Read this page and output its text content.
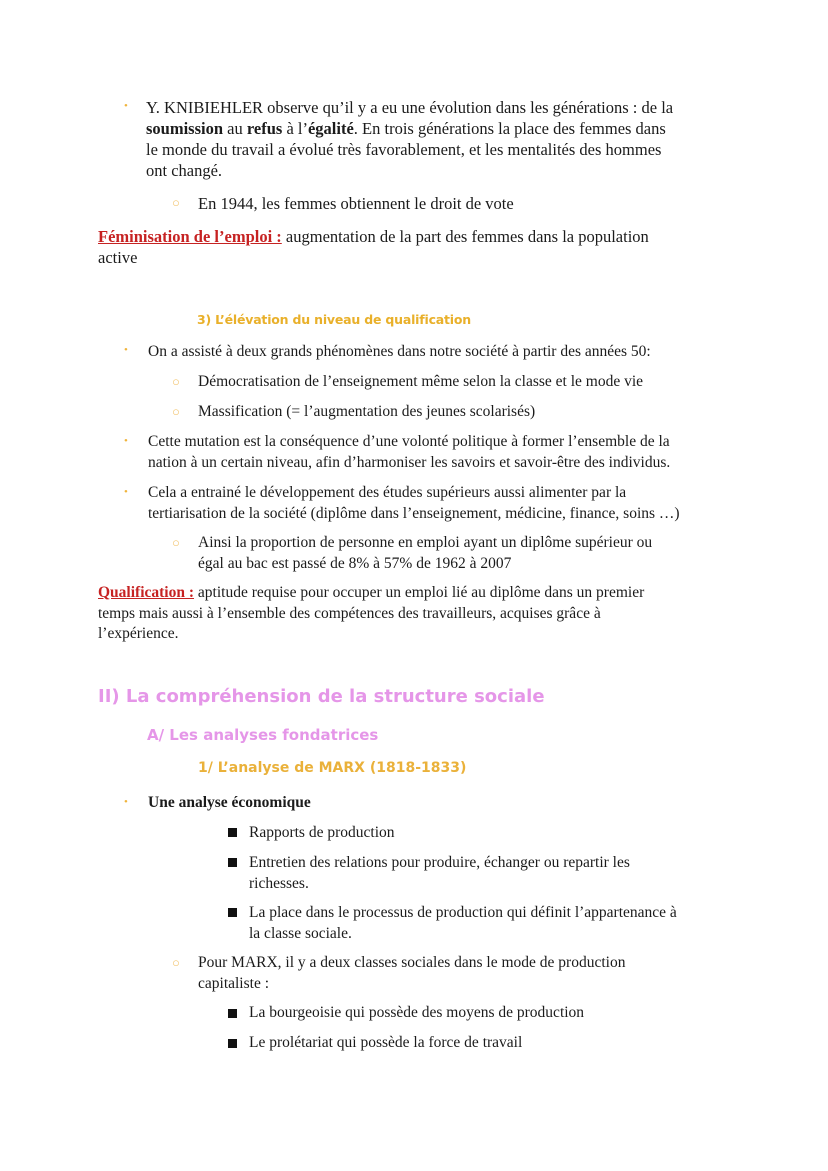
• Y. KNIBIEHLER observe qu’il y a eu une évolution dans les générations : de la
soumission au refus à l’égalité. En trois générations la place des femmes dans
le monde du travail a évolué très favorablement, et les mentalités des hommes
ont changé.
○ En 1944, les femmes obtiennent le droit de vote
Féminisation de l’emploi : augmentation de la part des femmes dans la population
active
3) L’élévation du niveau de qualification
• On a assisté à deux grands phénomènes dans notre société à partir des années 50:
○ Démocratisation de l’enseignement même selon la classe et le mode vie
○ Massification (= l’augmentation des jeunes scolarisés)
• Cette mutation est la conséquence d’une volonté politique à former l’ensemble de la
nation à un certain niveau, afin d’harmoniser les savoirs et savoir-être des individus.
• Cela a entrainé le développement des études supérieurs aussi alimenter par la
tertiarisation de la société (diplôme dans l’enseignement, médicine, finance, soins …)
○ Ainsi la proportion de personne en emploi ayant un diplôme supérieur ou
égal au bac est passé de 8% à 57% de 1962 à 2007
Qualification : aptitude requise pour occuper un emploi lié au diplôme dans un premier
temps mais aussi à l’ensemble des compétences des travailleurs, acquises grâce à
l’expérience.
II) La compréhension de la structure sociale
A/ Les analyses fondatrices
1/ L’analyse de MARX (1818-1833)
• Une analyse économique
Rapports de production
Entretien des relations pour produire, échanger ou repartir les
richesses.
La place dans le processus de production qui définit l’appartenance à
la classe sociale.
○ Pour MARX, il y a deux classes sociales dans le mode de production
capitaliste :
La bourgeoisie qui possède des moyens de production
Le prolétariat qui possède la force de travail
